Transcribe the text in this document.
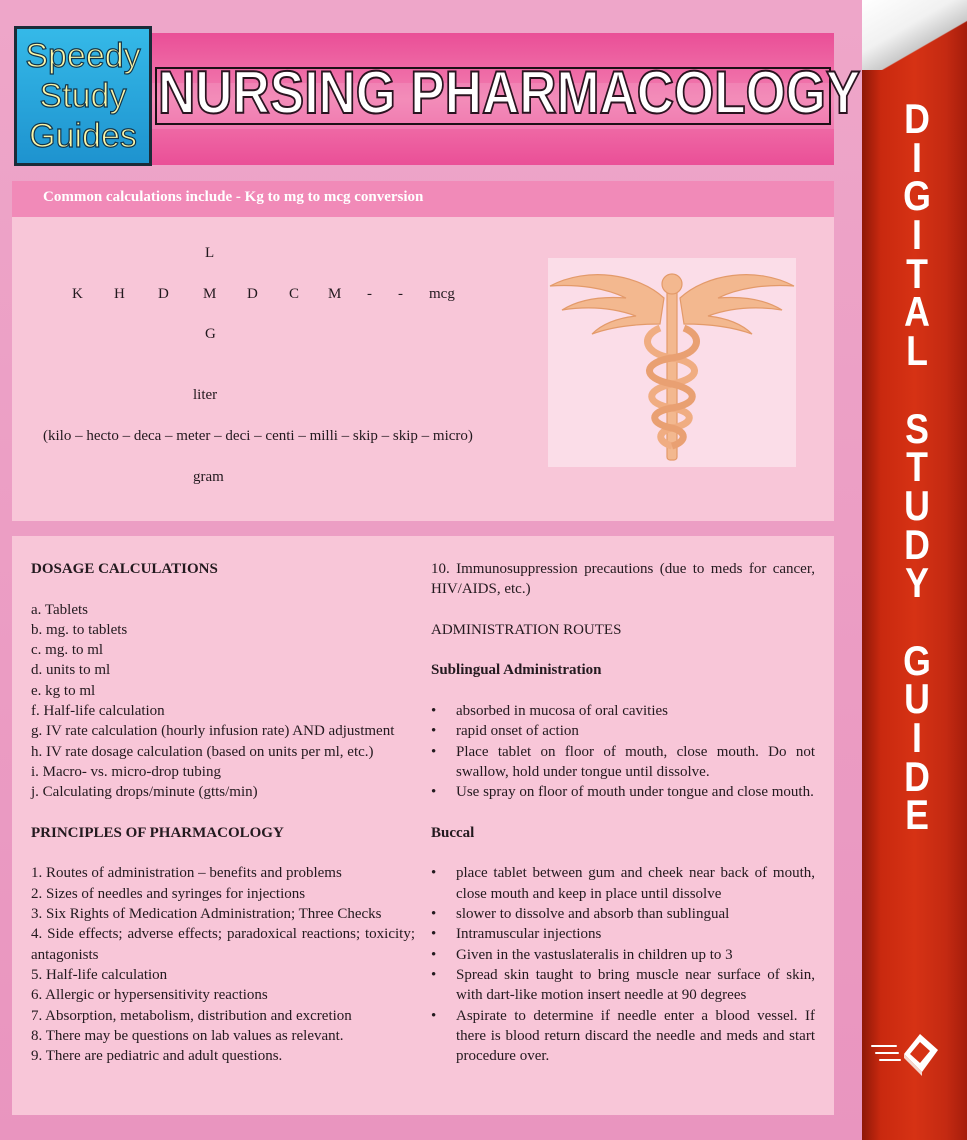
Speedy
Study
Guides
NURSING PHARMACOLOGY
Common calculations include - Kg to mg to mcg conversion
L
K H D M D C M - - mcg
G
liter
(kilo – hecto – deca – meter – deci – centi – milli – skip – skip – micro)
gram

DOSAGE CALCULATIONS

a. Tablets

b. mg. to tablets

c. mg. to ml

d. units to ml

e. kg to ml

f. Half-life calculation

g. IV rate calculation (hourly infusion rate) AND adjustment

h. IV rate dosage calculation (based on units per ml, etc.)

i. Macro- vs. micro-drop tubing

j. Calculating drops/minute (gtts/min)

PRINCIPLES OF PHARMACOLOGY

1. Routes of administration – benefits and problems

2. Sizes of needles and syringes for injections

3. Six Rights of Medication Administration; Three Checks

4. Side effects; adverse effects; paradoxical reactions; toxicity; antagonists

5. Half-life calculation

6. Allergic or hypersensitivity reactions

7. Absorption, metabolism, distribution and excretion

8. There may be questions on lab values as relevant.

9. There are pediatric and adult questions.

10. Immunosuppression precautions (due to meds for cancer, HIV/AIDS, etc.)

ADMINISTRATION ROUTES

Sublingual Administration

• absorbed in mucosa of oral cavities
• rapid onset of action
• Place tablet on floor of mouth, close mouth. Do not swallow, hold under tongue until dissolve.
• Use spray on floor of mouth under tongue and close mouth.

Buccal

• place tablet between gum and cheek near back of mouth, close mouth and keep in place until dissolve
• slower to dissolve and absorb than sublingual
• Intramuscular injections
• Given in the vastuslateralis in children up to 3
• Spread skin taught to bring muscle near surface of skin, with dart-like motion insert needle at 90 degrees
• Aspirate to determine if needle enter a blood vessel. If there is blood return discard the needle and meds and start procedure over.
D
I
G
I
T
A
L
S
T
U
D
Y
G
U
I
D
E
